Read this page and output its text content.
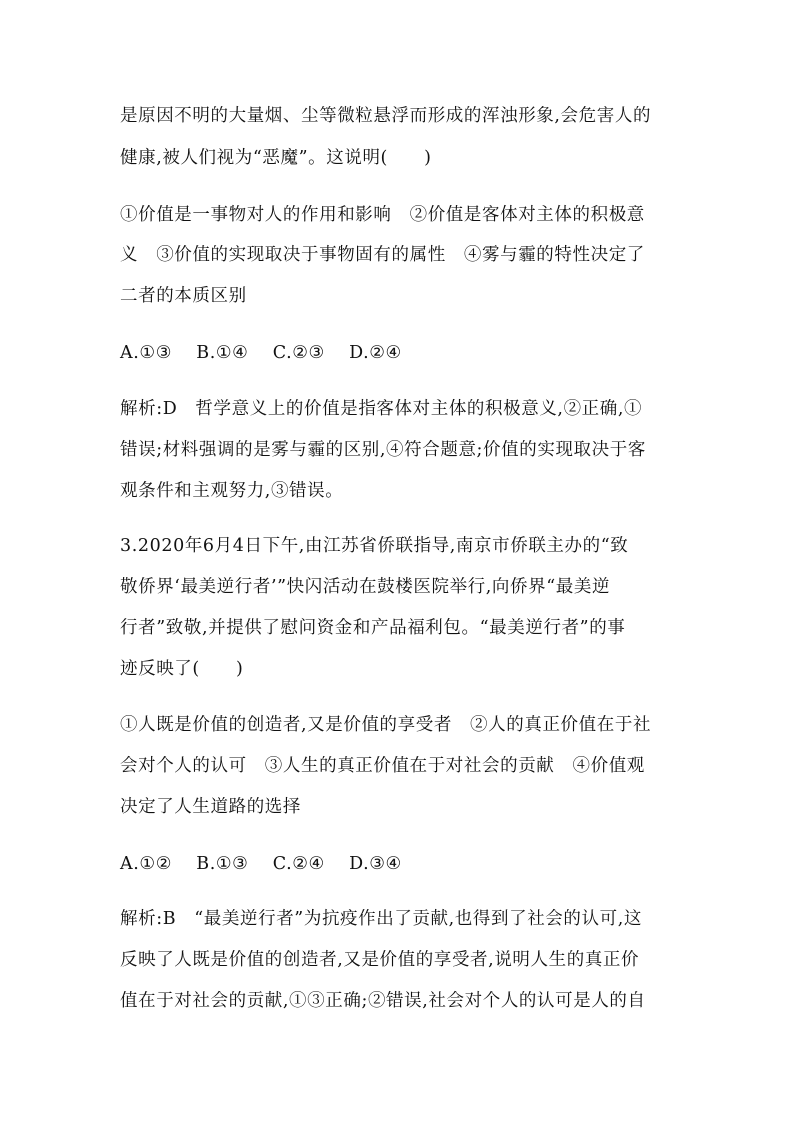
是原因不明的大量烟、尘等微粒悬浮而形成的浑浊形象,会危害人的
健康,被人们视为“恶魔”。这说明(　　)
①价值是一事物对人的作用和影响　②价值是客体对主体的积极意
义　③价值的实现取决于事物固有的属性　④雾与霾的特性决定了
二者的本质区别
A.①③　 B.①④　 C.②③　 D.②④
解析:D　哲学意义上的价值是指客体对主体的积极意义,②正确,①
错误;材料强调的是雾与霾的区别,④符合题意;价值的实现取决于客
观条件和主观努力,③错误。
3.2020年6月4日下午,由江苏省侨联指导,南京市侨联主办的“致
敬侨界‘最美逆行者’”快闪活动在鼓楼医院举行,向侨界“最美逆
行者”致敬,并提供了慰问资金和产品福利包。“最美逆行者”的事
迹反映了(　　)
①人既是价值的创造者,又是价值的享受者　②人的真正价值在于社
会对个人的认可　③人生的真正价值在于对社会的贡献　④价值观
决定了人生道路的选择
A.①②　 B.①③　 C.②④　 D.③④
解析:B　“最美逆行者”为抗疫作出了贡献,也得到了社会的认可,这
反映了人既是价值的创造者,又是价值的享受者,说明人生的真正价
值在于对社会的贡献,①③正确;②错误,社会对个人的认可是人的自
